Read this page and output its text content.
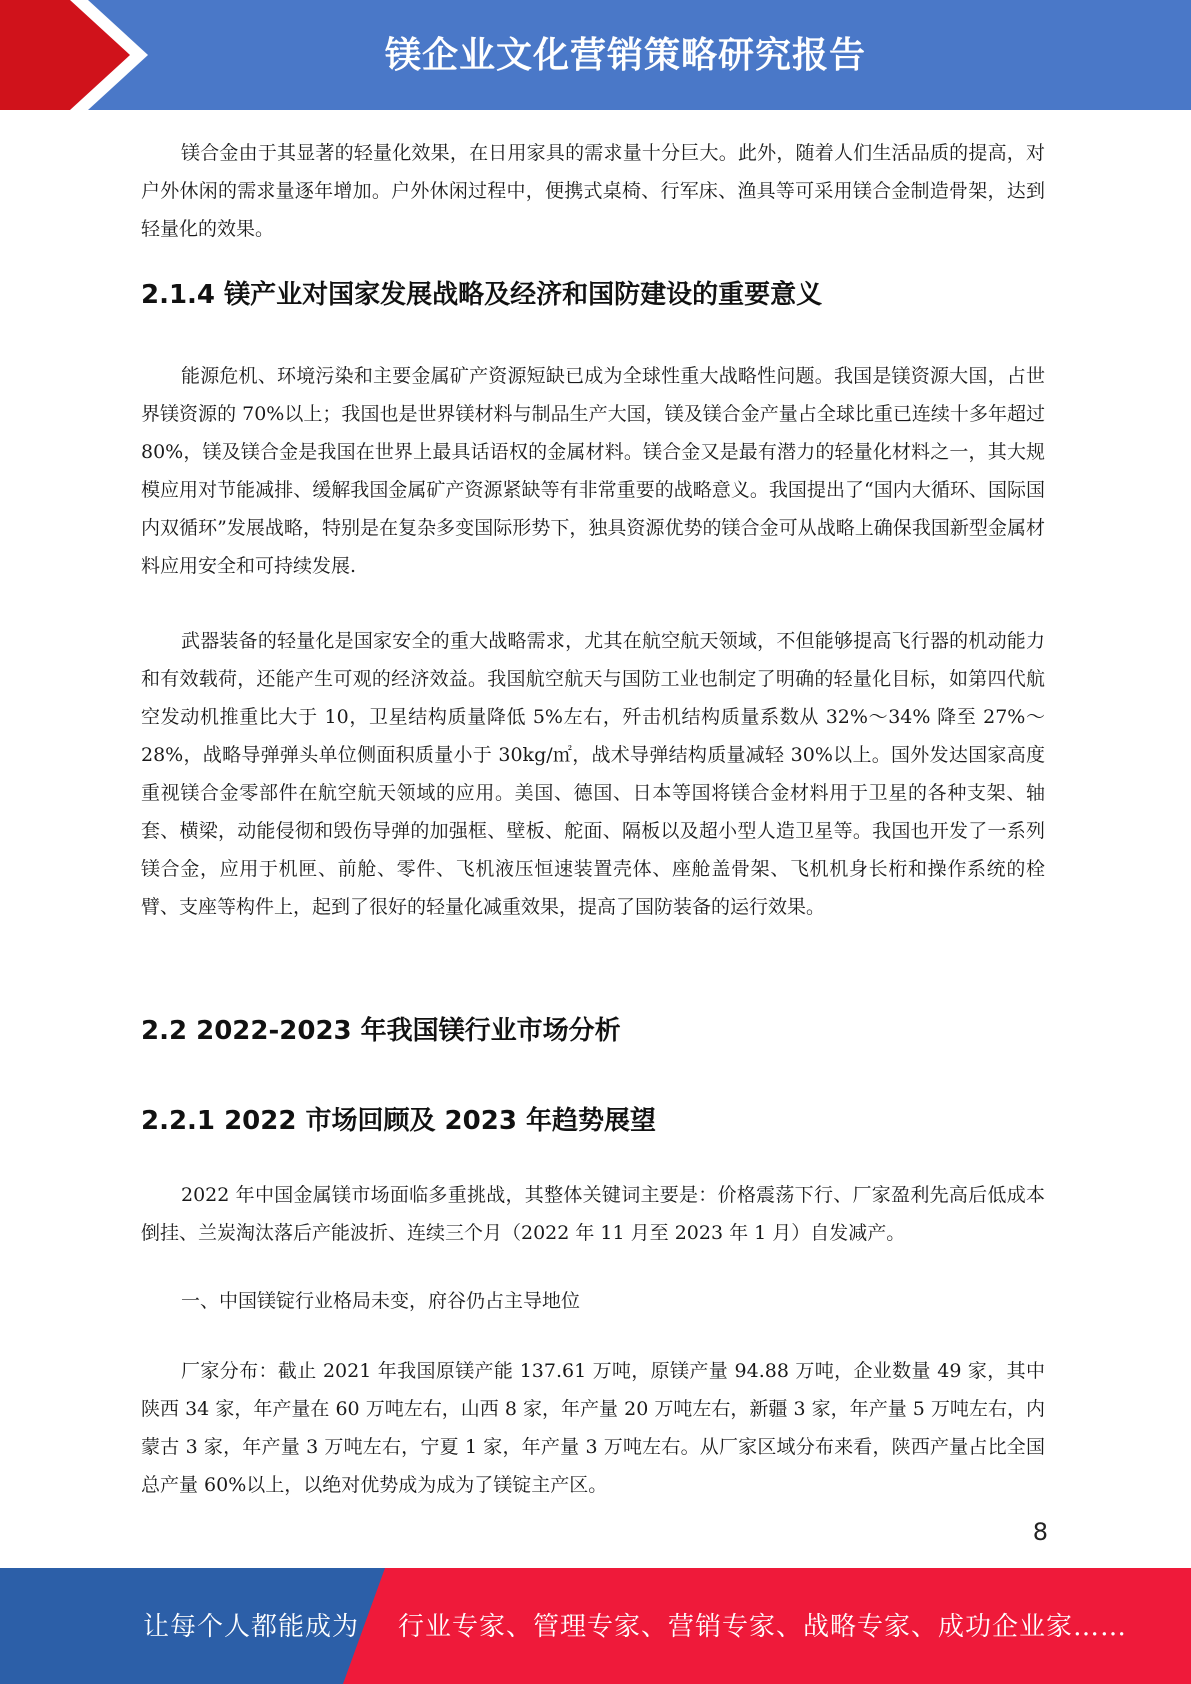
镁企业文化营销策略研究报告

镁合金由于其显著的轻量化效果，在日用家具的需求量十分巨大。此外，随着人们生活品质的提高，对户外休闲的需求量逐年增加。户外休闲过程中，便携式桌椅、行军床、渔具等可采用镁合金制造骨架，达到轻量化的效果。

2.1.4 镁产业对国家发展战略及经济和国防建设的重要意义

能源危机、环境污染和主要金属矿产资源短缺已成为全球性重大战略性问题。我国是镁资源大国，占世界镁资源的 70%以上；我国也是世界镁材料与制品生产大国，镁及镁合金产量占全球比重已连续十多年超过 80%，镁及镁合金是我国在世界上最具话语权的金属材料。镁合金又是最有潜力的轻量化材料之一，其大规模应用对节能减排、缓解我国金属矿产资源紧缺等有非常重要的战略意义。我国提出了“国内大循环、国际国内双循环”发展战略，特别是在复杂多变国际形势下，独具资源优势的镁合金可从战略上确保我国新型金属材料应用安全和可持续发展.

武器装备的轻量化是国家安全的重大战略需求，尤其在航空航天领域，不但能够提高飞行器的机动能力和有效载荷，还能产生可观的经济效益。我国航空航天与国防工业也制定了明确的轻量化目标，如第四代航空发动机推重比大于 10，卫星结构质量降低 5%左右，歼击机结构质量系数从 32%～34% 降至 27%～28%，战略导弹弹头单位侧面积质量小于 30kg/㎡，战术导弹结构质量减轻 30%以上。国外发达国家高度重视镁合金零部件在航空航天领域的应用。美国、德国、日本等国将镁合金材料用于卫星的各种支架、轴套、横梁，动能侵彻和毁伤导弹的加强框、壁板、舵面、隔板以及超小型人造卫星等。我国也开发了一系列镁合金，应用于机匣、前舱、零件、飞机液压恒速装置壳体、座舱盖骨架、飞机机身长桁和操作系统的栓臂、支座等构件上，起到了很好的轻量化减重效果，提高了国防装备的运行效果。

2.2 2022-2023 年我国镁行业市场分析
2.2.1 2022 市场回顾及 2023 年趋势展望

2022 年中国金属镁市场面临多重挑战，其整体关键词主要是：价格震荡下行、厂家盈利先高后低成本倒挂、兰炭淘汰落后产能波折、连续三个月（2022 年 11 月至 2023 年 1 月）自发减产。

一、中国镁锭行业格局未变，府谷仍占主导地位

厂家分布：截止 2021 年我国原镁产能 137.61 万吨，原镁产量 94.88 万吨，企业数量 49 家，其中陕西 34 家，年产量在 60 万吨左右，山西 8 家，年产量 20 万吨左右，新疆 3 家，年产量 5 万吨左右，内蒙古 3 家，年产量 3 万吨左右，宁夏 1 家，年产量 3 万吨左右。从厂家区域分布来看，陕西产量占比全国总产量 60%以上，以绝对优势成为成为了镁锭主产区。

8
让每个人都能成为 行业专家、管理专家、营销专家、战略专家、成功企业家……
